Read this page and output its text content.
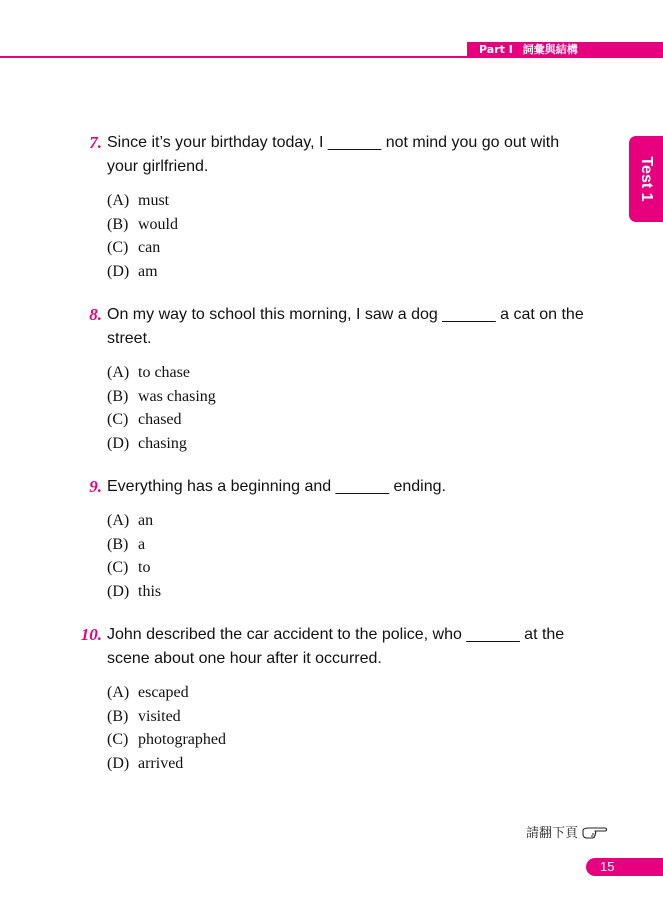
Part I 詞彙與結構
Test 1
7. Since it’s your birthday today, I ______ not mind you go out with your girlfriend.
(A) must
(B) would
(C) can
(D) am
8. On my way to school this morning, I saw a dog ______ a cat on the street.
(A) to chase
(B) was chasing
(C) chased
(D) chasing
9. Everything has a beginning and ______ ending.
(A) an
(B) a
(C) to
(D) this
10. John described the car accident to the police, who ______ at the scene about one hour after it occurred.
(A) escaped
(B) visited
(C) photographed
(D) arrived
請翻下頁
15
